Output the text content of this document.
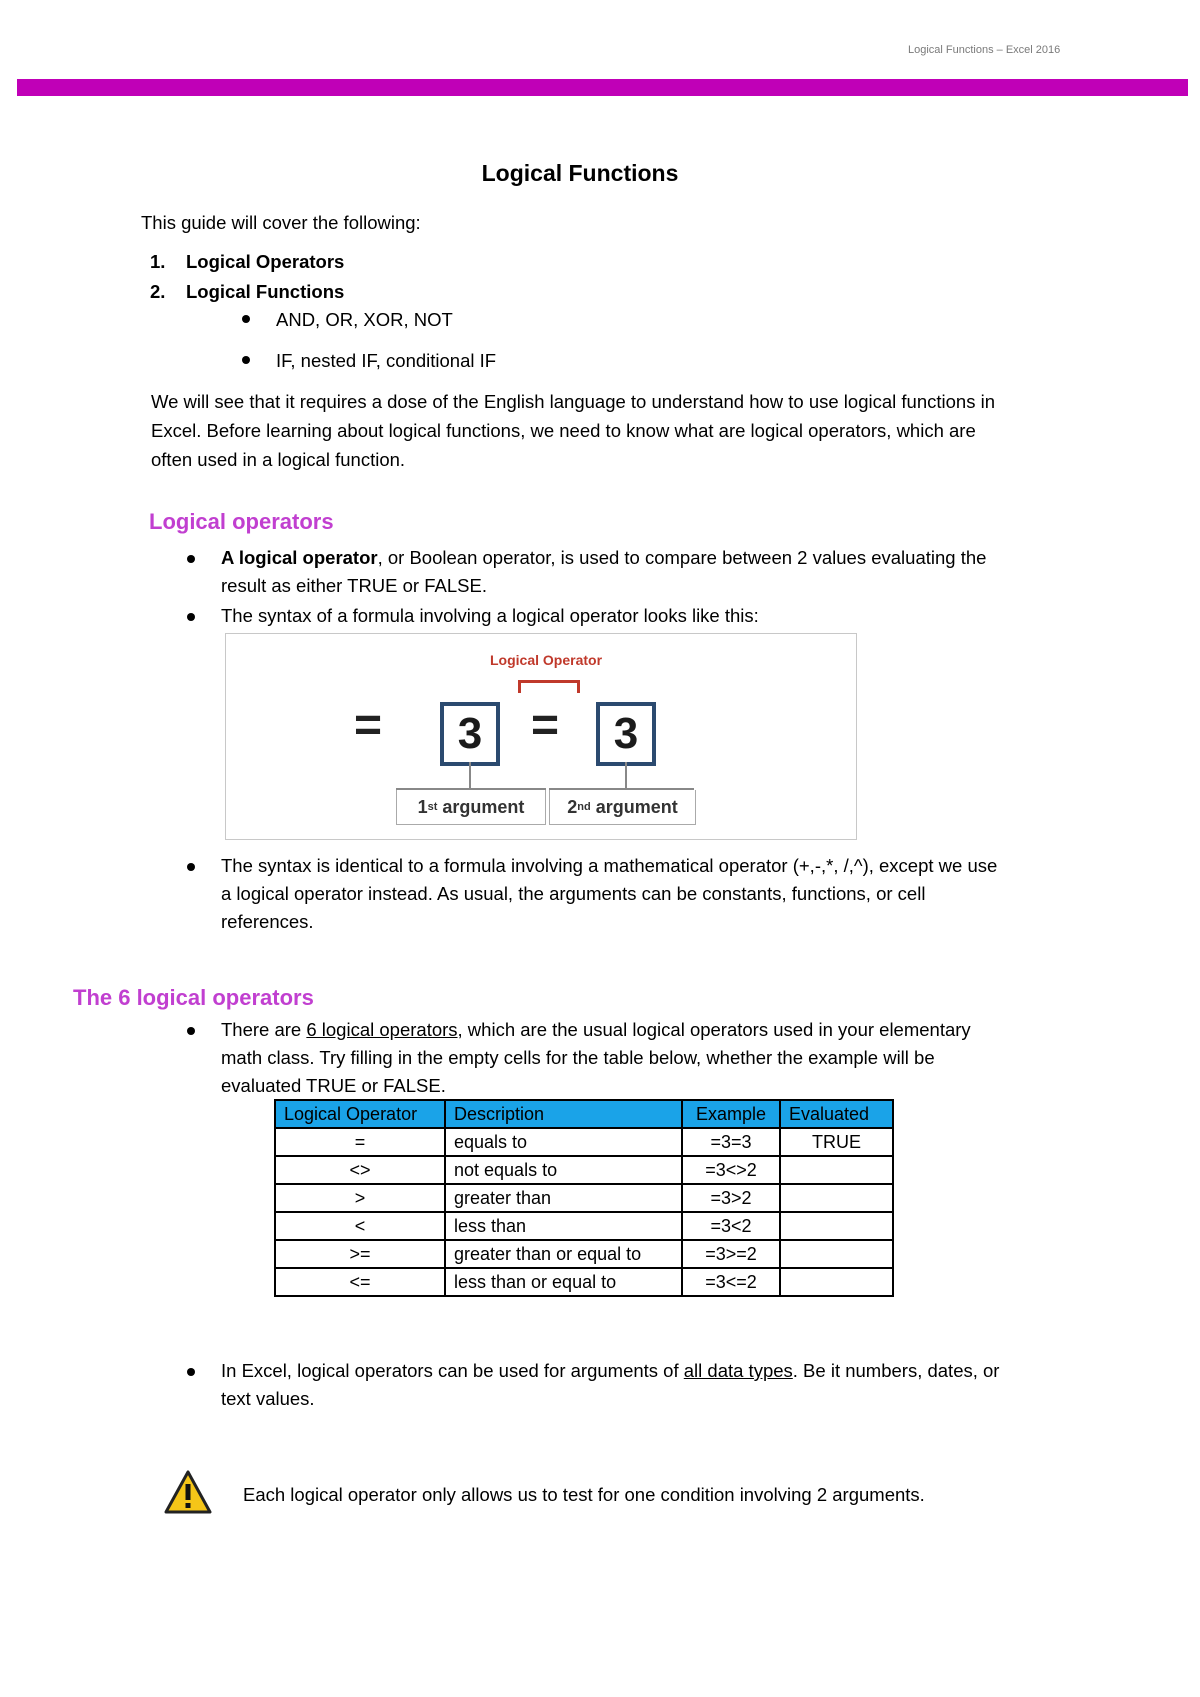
Logical Functions – Excel 2016
Logical Functions
This guide will cover the following:
1. Logical Operators
2. Logical Functions
AND, OR, XOR, NOT
IF, nested IF, conditional IF
We will see that it requires a dose of the English language to understand how to use logical functions in
Excel. Before learning about logical functions, we need to know what are logical operators, which are
often used in a logical function.
Logical operators
A logical operator, or Boolean operator, is used to compare between 2 values evaluating the
result as either TRUE or FALSE.
The syntax of a formula involving a logical operator looks like this:
Logical Operator
=	3	=	3
1 st argument 2 nd argument
The syntax is identical to a formula involving a mathematical operator (+,-,*, /,^), except we use
a logical operator instead. As usual, the arguments can be constants, functions, or cell
references.
The 6 logical operators
There are 6 logical operators, which are the usual logical operators used in your elementary
math class. Try filling in the empty cells for the table below, whether the example will be
evaluated TRUE or FALSE.
Logical Operator	Description	Example	Evaluated
=	equals to	=3=3	TRUE
<>	not equals to	=3<>2	
>	greater than	=3>2	
<	less than	=3<2	
>=	greater than or equal to	=3>=2	
<=	less than or equal to	=3<=2	
In Excel, logical operators can be used for arguments of all data types. Be it numbers, dates, or
text values.
Each logical operator only allows us to test for one condition involving 2 arguments.
